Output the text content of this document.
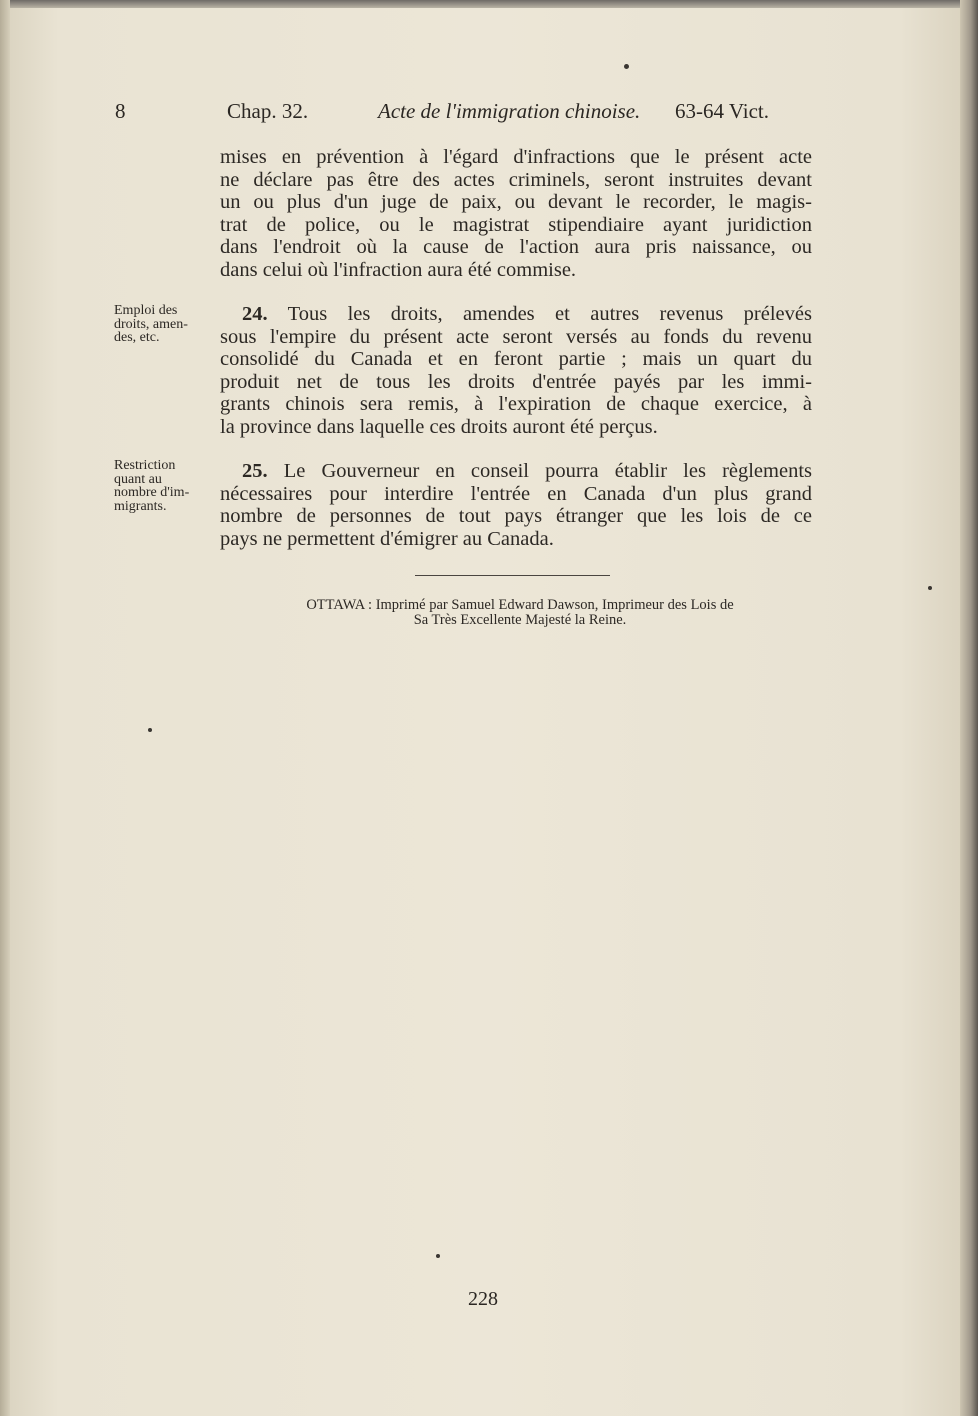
8	Chap. 32.	Acte de l'immigration chinoise. 63-64 Vict.
mises en prévention à l'égard d'infractions que le présent acte
ne déclare pas être des actes criminels, seront instruites devant
un ou plus d'un juge de paix, ou devant le recorder, le magis-
trat de police, ou le magistrat stipendiaire ayant juridiction
dans l'endroit où la cause de l'action aura pris naissance, ou
dans celui où l'infraction aura été commise.
Emploi des
droits, amen-
des, etc.
24. Tous les droits, amendes et autres revenus prélevés
sous l'empire du présent acte seront versés au fonds du revenu
consolidé du Canada et en feront partie ; mais un quart du
produit net de tous les droits d'entrée payés par les immi-
grants chinois sera remis, à l'expiration de chaque exercice, à
la province dans laquelle ces droits auront été perçus.
Restriction
quant au
nombre d'im-
migrants.
25. Le Gouverneur en conseil pourra établir les règlements
nécessaires pour interdire l'entrée en Canada d'un plus grand
nombre de personnes de tout pays étranger que les lois de ce
pays ne permettent d'émigrer au Canada.
OTTAWA : Imprimé par Samuel Edward Dawson, Imprimeur des Lois de
Sa Très Excellente Majesté la Reine.
228
